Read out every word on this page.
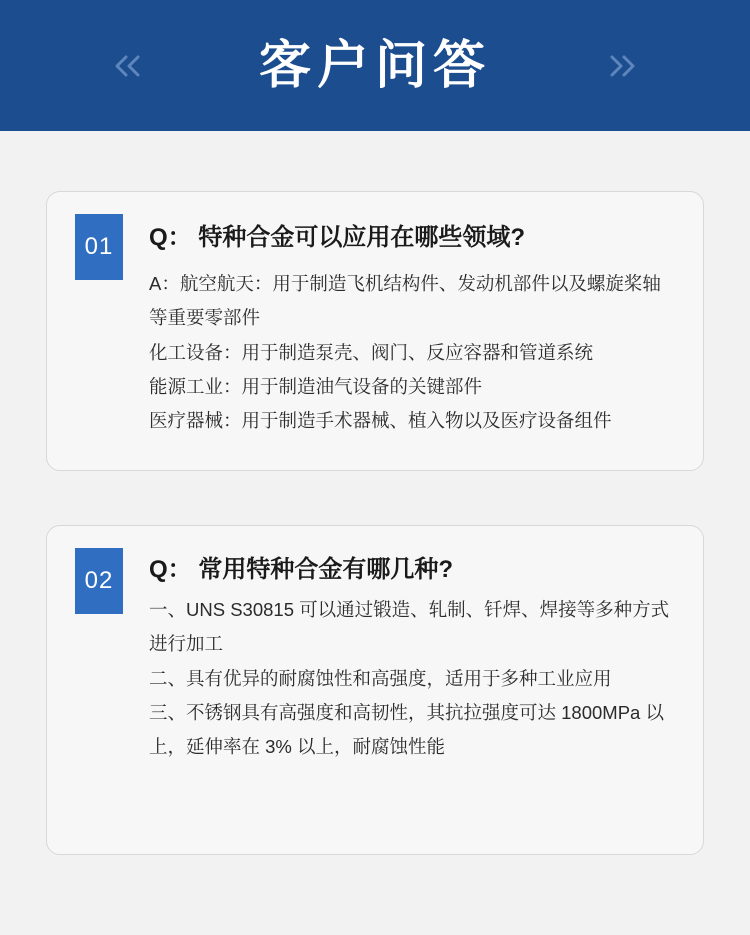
客户问答
01	Q： 特种合金可以应用在哪些领域?

A：航空航天：用于制造飞机结构件、发动机部件以及螺旋桨轴等重要零部件

化工设备：用于制造泵壳、阀门、反应容器和管道系统

能源工业：用于制造油气设备的关键部件

医疗器械：用于制造手术器械、植入物以及医疗设备组件

02	Q： 常用特种合金有哪几种?

一、UNS S30815 可以通过锻造、轧制、钎焊、焊接等多种方式进行加工

二、具有优异的耐腐蚀性和高强度，适用于多种工业应用

三、不锈钢具有高强度和高韧性，其抗拉强度可达 1800MPa 以上，延伸率在 3% 以上，耐腐蚀性能
